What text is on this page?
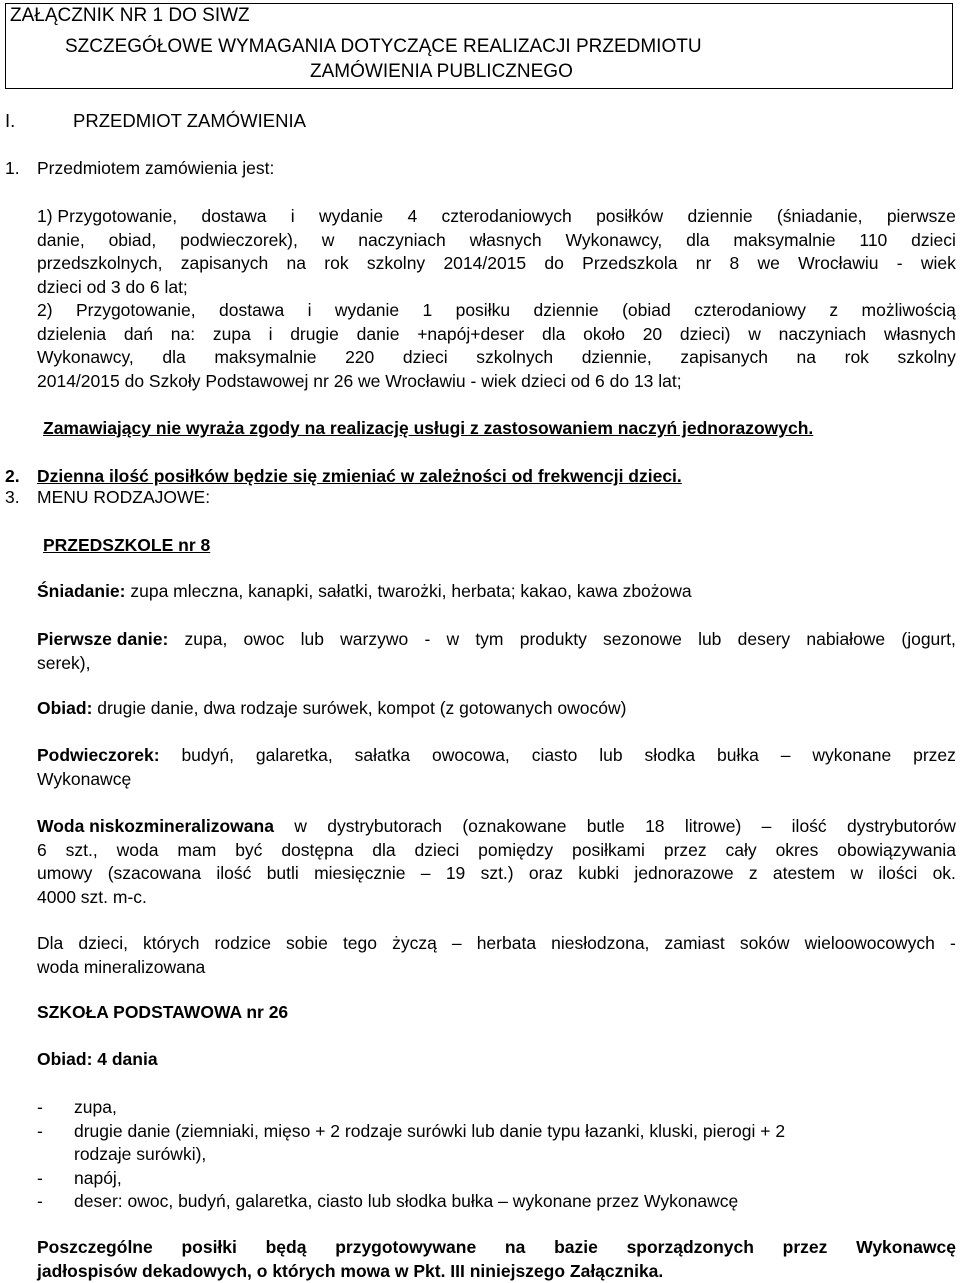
ZAŁĄCZNIK NR 1 DO SIWZ
SZCZEGÓŁOWE WYMAGANIA DOTYCZĄCE REALIZACJI PRZEDMIOTU
ZAMÓWIENIA PUBLICZNEGO
I.	PRZEDMIOT ZAMÓWIENIA
1. Przedmiotem zamówienia jest:
1) Przygotowanie, dostawa i wydanie 4 czterodaniowych posiłków dziennie (śniadanie, pierwsze
danie, obiad, podwieczorek), w naczyniach własnych Wykonawcy, dla maksymalnie 110 dzieci
przedszkolnych, zapisanych na rok szkolny 2014/2015 do Przedszkola nr 8 we Wrocławiu - wiek
dzieci od 3 do 6 lat;
2) Przygotowanie, dostawa i wydanie 1 posiłku dziennie (obiad czterodaniowy z możliwością
dzielenia dań na: zupa i drugie danie +napój+deser dla około 20 dzieci) w naczyniach własnych
Wykonawcy, dla maksymalnie 220 dzieci szkolnych dziennie, zapisanych na rok szkolny
2014/2015 do Szkoły Podstawowej nr 26 we Wrocławiu - wiek dzieci od 6 do 13 lat;
Zamawiający nie wyraża zgody na realizację usługi z zastosowaniem naczyń jednorazowych.
2. Dzienna ilość posiłków będzie się zmieniać w zależności od frekwencji dzieci.
3. MENU RODZAJOWE:
PRZEDSZKOLE nr 8
Śniadanie: zupa mleczna, kanapki, sałatki, twarożki, herbata; kakao, kawa zbożowa
Pierwsze danie: zupa, owoc lub warzywo - w tym produkty sezonowe lub desery nabiałowe (jogurt,
serek),
Obiad: drugie danie, dwa rodzaje surówek, kompot (z gotowanych owoców)
Podwieczorek: budyń, galaretka, sałatka owocowa, ciasto lub słodka bułka – wykonane przez
Wykonawcę
Woda niskozmineralizowana w dystrybutorach (oznakowane butle 18 litrowe) – ilość dystrybutorów
6 szt., woda mam być dostępna dla dzieci pomiędzy posiłkami przez cały okres obowiązywania
umowy (szacowana ilość butli miesięcznie – 19 szt.) oraz kubki jednorazowe z atestem w ilości ok.
4000 szt. m-c.
Dla dzieci, których rodzice sobie tego życzą – herbata niesłodzona, zamiast soków wieloowocowych -
woda mineralizowana
SZKOŁA PODSTAWOWA nr 26
Obiad: 4 dania
-	zupa,
-	drugie danie (ziemniaki, mięso + 2 rodzaje surówki lub danie typu łazanki, kluski, pierogi + 2
rodzaje surówki),
-	napój,
-	deser: owoc, budyń, galaretka, ciasto lub słodka bułka – wykonane przez Wykonawcę
Poszczególne posiłki będą przygotowywane na bazie sporządzonych przez Wykonawcę
jadłospisów dekadowych, o których mowa w Pkt. III niniejszego Załącznika.
